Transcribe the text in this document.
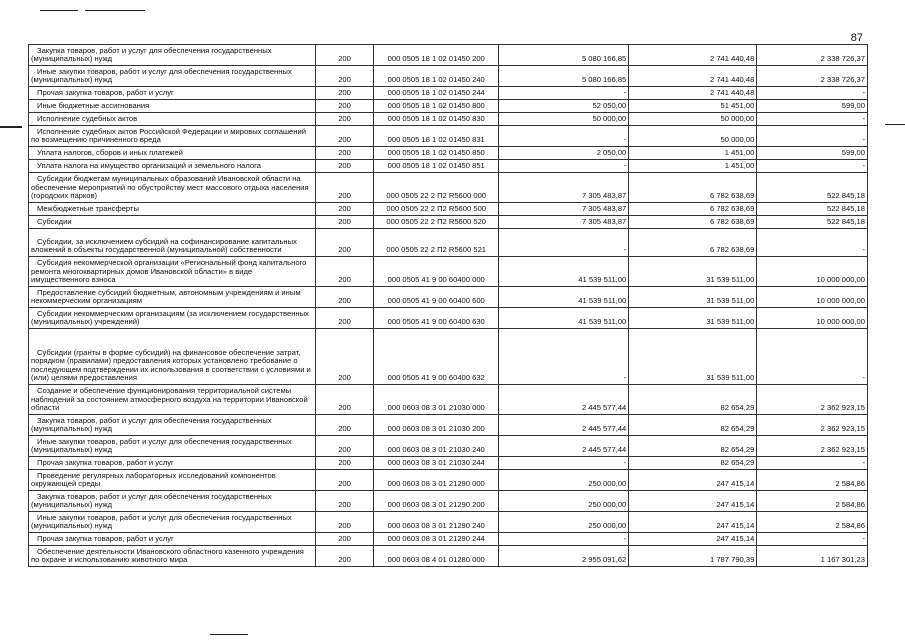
87
Закупка товаров, работ и услуг для обеспечения государственных (муниципальных) нужд	200	000 0505 18 1 02 01450 200	5 080 166,85	2 741 440,48	2 338 726,37
Иные закупки товаров, работ и услуг для обеспечения государственных (муниципальных) нужд	200	000 0505 18 1 02 01450 240	5 080 166,85	2 741 440,48	2 338 726,37
Прочая закупка товаров, работ и услуг	200	000 0505 18 1 02 01450 244	-	2 741 440,48	-
Иные бюджетные ассигнования	200	000 0505 18 1 02 01450 800	52 050,00	51 451,00	599,00
Исполнение судебных актов	200	000 0505 18 1 02 01450 830	50 000,00	50 000,00	-
Исполнение судебных актов Российской Федерации и мировых соглашений по возмещению причиненного вреда	200	000 0505 18 1 02 01450 831	-	50 000,00	-
Уплата налогов, сборов и иных платежей	200	000 0505 18 1 02 01450 850	2 050,00	1 451,00	599,00
Уплата налога на имущество организаций и земельного налога	200	000 0505 18 1 02 01450 851	-	1 451,00	-
Субсидии бюджетам муниципальных образований Ивановской области на обеспечение мероприятий по обустройству мест массового отдыха населения (городских парков)	200	000 0505 22 2 П2 R5600 000	7 305 483,87	6 782 638,69	522 845,18
Межбюджетные трансферты	200	000 0505 22 2 П2 R5600 500	7 305 483,87	6 782 638,69	522 845,18
Субсидии	200	000 0505 22 2 П2 R5600 520	7 305 483,87	6 782 638,69	522 845,18
Субсидии, за исключением субсидий на софинансирование капитальных вложений в объекты государственной (муниципальной) собственности	200	000 0505 22 2 П2 R5600 521	-	6 782 638,69	-
Субсидия некоммерческой организации «Региональный фонд капитального ремонта многоквартирных домов Ивановской области» в виде имущественного взноса	200	000 0505 41 9 00 60400 000	41 539 511,00	31 539 511,00	10 000 000,00
Предоставление субсидий бюджетным, автономным учреждениям и иным некоммерческим организациям	200	000 0505 41 9 00 60400 600	41 539 511,00	31 539 511,00	10 000 000,00
Субсидии некоммерческим организациям (за исключением государственных (муниципальных) учреждений)	200	000 0505 41 9 00 60400 630	41 539 511,00	31 539 511,00	10 000 000,00
Субсидии (гранты в форме субсидий) на финансовое обеспечение затрат, порядком (правилами) предоставления которых установлено требование о последующем подтверждении их использования в соответствии с условиями и (или) целями предоставления	200	000 0505 41 9 00 60400 632	-	31 539 511,00	-
Создание и обеспечение функционирования территориальной системы наблюдений за состоянием атмосферного воздуха на территории Ивановской области	200	000 0603 08 3 01 21030 000	2 445 577,44	82 654,29	2 362 923,15
Закупка товаров, работ и услуг для обеспечения государственных (муниципальных) нужд	200	000 0603 08 3 01 21030 200	2 445 577,44	82 654,29	2 362 923,15
Иные закупки товаров, работ и услуг для обеспечения государственных (муниципальных) нужд	200	000 0603 08 3 01 21030 240	2 445 577,44	82 654,29	2 362 923,15
Прочая закупка товаров, работ и услуг	200	000 0603 08 3 01 21030 244	-	82 654,29	-
Проведение регулярных лабораторных исследований компонентов окружающей среды	200	000 0603 08 3 01 21290 000	250 000,00	247 415,14	2 584,86
Закупка товаров, работ и услуг для обеспечения государственных (муниципальных) нужд	200	000 0603 08 3 01 21290 200	250 000,00	247 415,14	2 584,86
Иные закупки товаров, работ и услуг для обеспечения государственных (муниципальных) нужд	200	000 0603 08 3 01 21290 240	250 000,00	247 415,14	2 584,86
Прочая закупка товаров, работ и услуг	200	000 0603 08 3 01 21290 244	-	247 415,14	-
Обеспечение деятельности Ивановского областного казенного учреждения по охране и использованию животного мира	200	000 0603 08 4 01 01280 000	2 955 091,62	1 787 790,39	1 167 301,23
